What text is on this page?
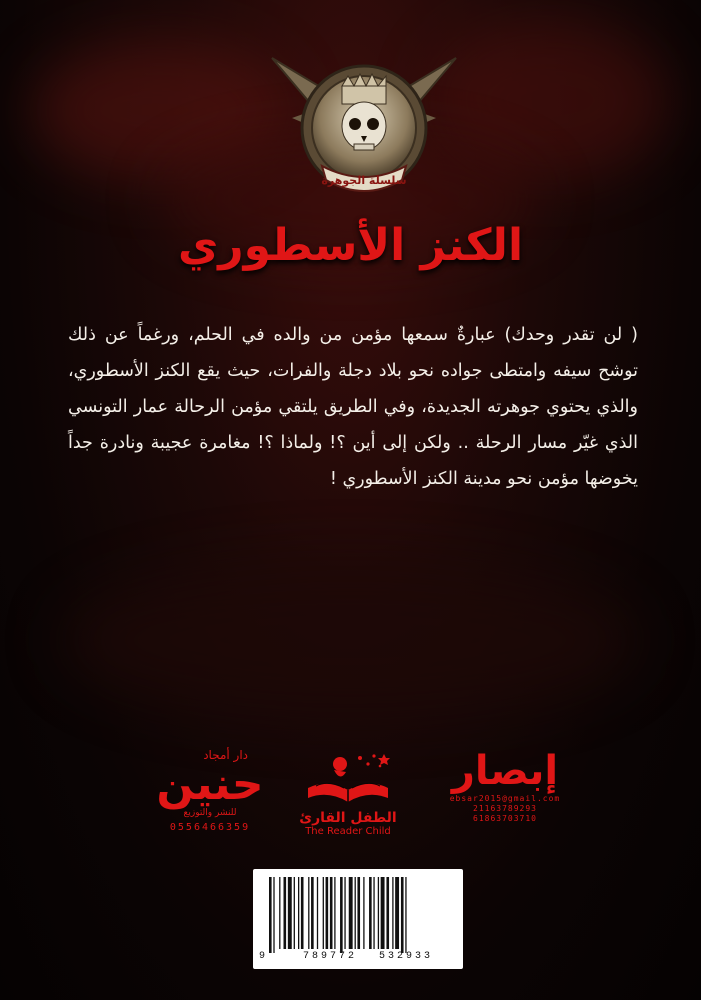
سلسلة الجوهرة
الكنز الأسطوري
( لن تقدر وحدك) عبارةٌ سمعها مؤمن من والده في الحلم، ورغماً عن ذلك توشح سيفه وامتطى جواده نحو بلاد دجلة والفرات، حيث يقع الكنز الأسطوري، والذي يحتوي جوهرته الجديدة، وفي الطريق يلتقي مؤمن الرحالة عمار التونسي الذي غيّر مسار الرحلة .. ولكن إلى أين ؟! ولماذا ؟! مغامرة عجيبة ونادرة جداً يخوضها مؤمن نحو مدينة الكنز الأسطوري !
دار أمجاد
حنين
للنشر والتوزيع
0556466359
الطفل القارئ
The Reader Child
إبصار
ebsar2015@gmail.com
21163789293
61863703710
9	789772 532933
